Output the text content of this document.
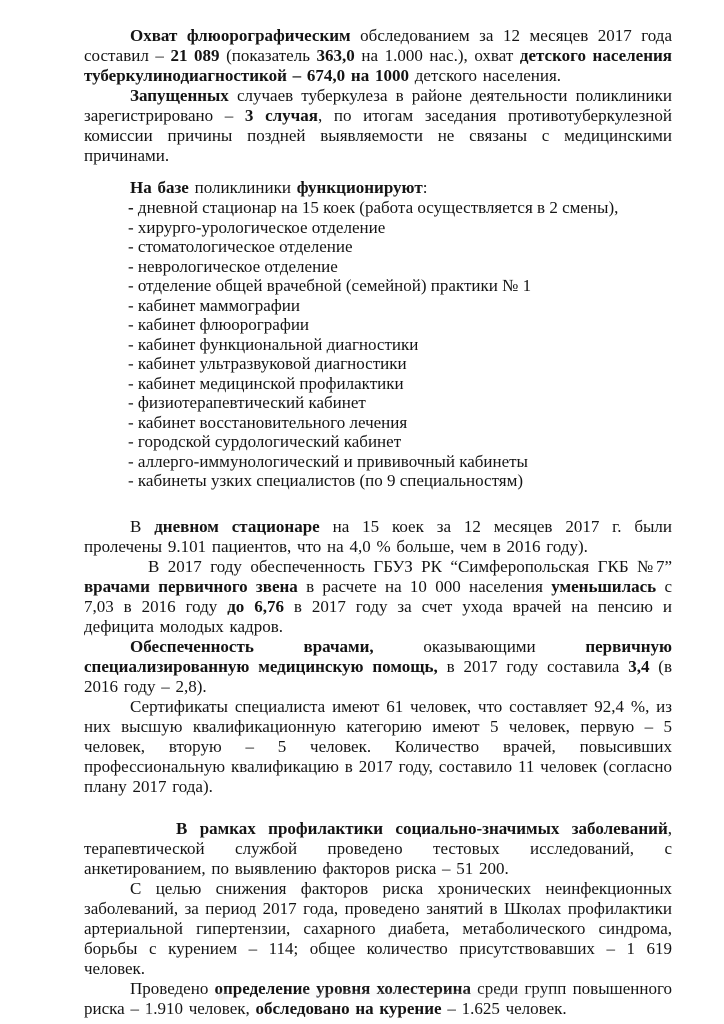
Охват флюорографическим обследованием за 12 месяцев 2017 года составил – 21 089 (показатель 363,0 на 1.000 нас.), охват детского населения туберкулинодиагностикой – 674,0 на 1000 детского населения.

Запущенных случаев туберкулеза в районе деятельности поликлиники зарегистрировано – 3 случая, по итогам заседания противотуберкулезной комиссии причины поздней выявляемости не связаны с медицинскими причинами.

На базе поликлиники функционируют:

- дневной стационар на 15 коек (работа осуществляется в 2 смены),
- хирурго-урологическое отделение
- стоматологическое отделение
- неврологическое отделение
- отделение общей врачебной (семейной) практики № 1
- кабинет маммографии
- кабинет флюорографии
- кабинет функциональной диагностики
- кабинет ультразвуковой диагностики
- кабинет медицинской профилактики
- физиотерапевтический кабинет
- кабинет восстановительного лечения
- городской сурдологический кабинет
- аллерго-иммунологический и прививочный кабинеты
- кабинеты узких специалистов (по 9 специальностям)

В дневном стационаре на 15 коек за 12 месяцев 2017 г. были пролечены 9.101 пациентов, что на 4,0 % больше, чем в 2016 году).

В 2017 году обеспеченность ГБУЗ РК “Симферопольская ГКБ №7” врачами первичного звена в расчете на 10 000 населения уменьшилась с 7,03 в 2016 году до 6,76 в 2017 году за счет ухода врачей на пенсию и дефицита молодых кадров.

Обеспеченность врачами, оказывающими первичную специализированную медицинскую помощь, в 2017 году составила 3,4 (в 2016 году – 2,8).

Сертификаты специалиста имеют 61 человек, что составляет 92,4 %, из них высшую квалификационную категорию имеют 5 человек, первую – 5 человек, вторую – 5 человек. Количество врачей, повысивших профессиональную квалификацию в 2017 году, составило 11 человек (согласно плану 2017 года).

В рамках профилактики социально-значимых заболеваний, терапевтической службой проведено тестовых исследований, с анкетированием, по выявлению факторов риска – 51 200.

С целью снижения факторов риска хронических неинфекционных заболеваний, за период 2017 года, проведено занятий в Школах профилактики артериальной гипертензии, сахарного диабета, метаболического синдрома, борьбы с курением – 114; общее количество присутствовавших – 1 619 человек.

Проведено определение уровня холестерина среди групп повышенного риска – 1.910 человек, обследовано на курение – 1.625 человек.
